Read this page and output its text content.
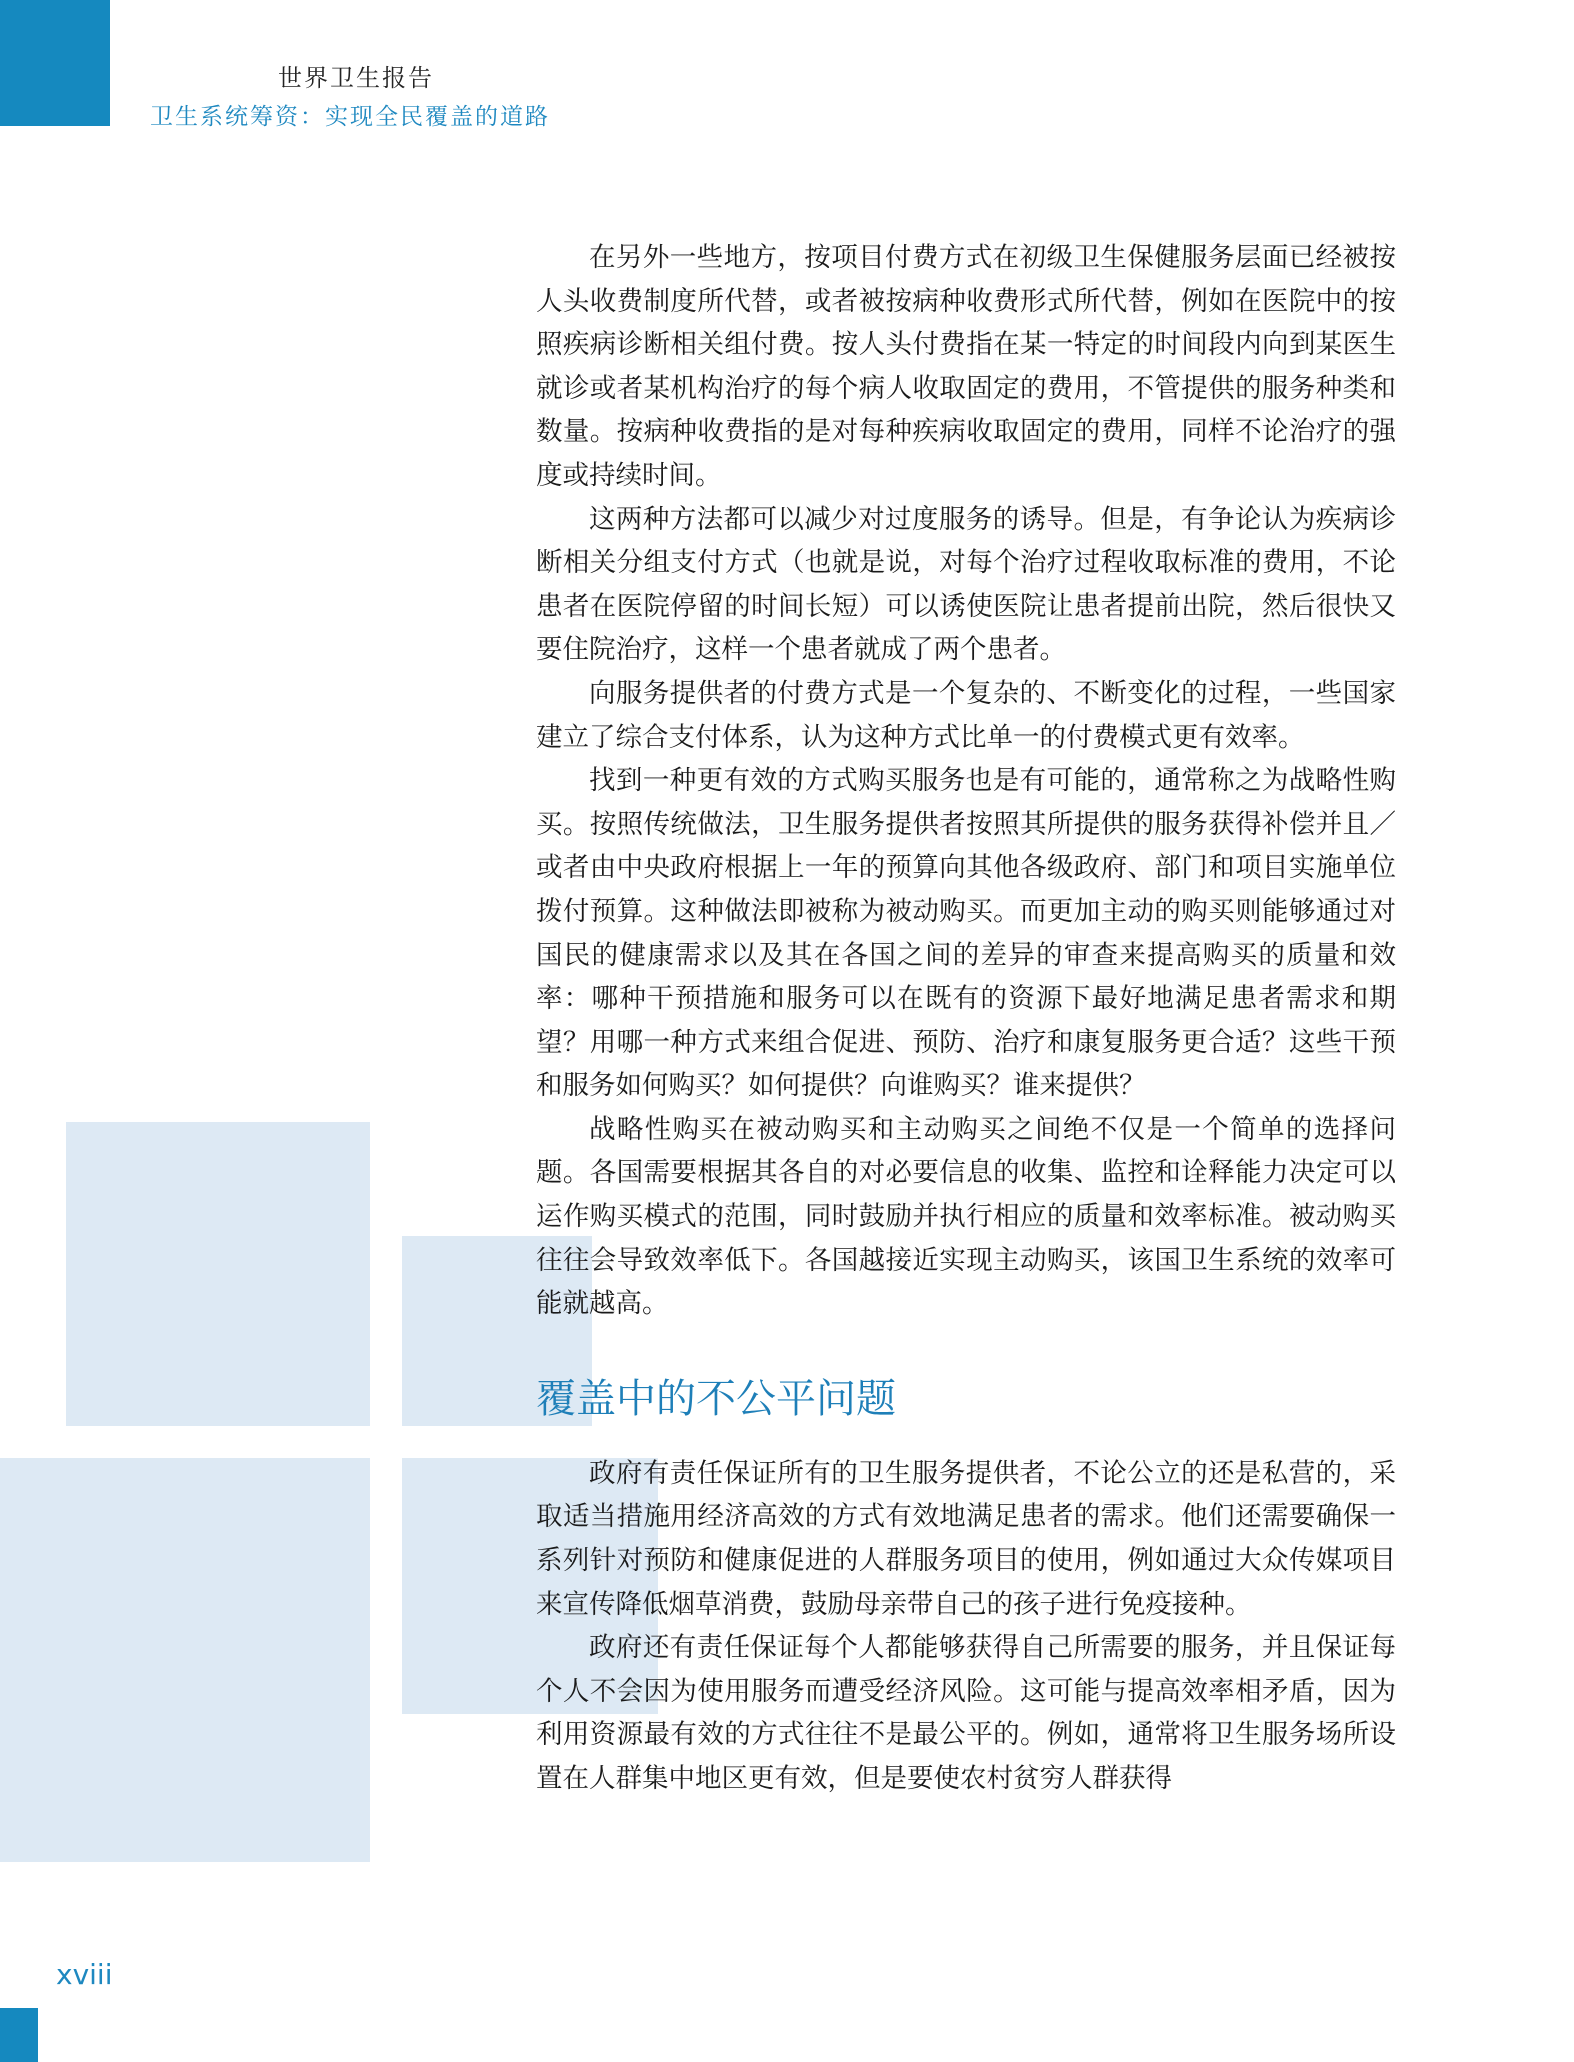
世界卫生报告
卫生系统筹资：实现全民覆盖的道路

在另外一些地方，按项目付费方式在初级卫生保健服务层面已经被按人头收费制度所代替，或者被按病种收费形式所代替，例如在医院中的按照疾病诊断相关组付费。按人头付费指在某一特定的时间段内向到某医生就诊或者某机构治疗的每个病人收取固定的费用，不管提供的服务种类和数量。按病种收费指的是对每种疾病收取固定的费用，同样不论治疗的强度或持续时间。

这两种方法都可以减少对过度服务的诱导。但是，有争论认为疾病诊断相关分组支付方式（也就是说，对每个治疗过程收取标准的费用，不论患者在医院停留的时间长短）可以诱使医院让患者提前出院，然后很快又要住院治疗，这样一个患者就成了两个患者。

向服务提供者的付费方式是一个复杂的、不断变化的过程，一些国家建立了综合支付体系，认为这种方式比单一的付费模式更有效率。

找到一种更有效的方式购买服务也是有可能的，通常称之为战略性购买。按照传统做法，卫生服务提供者按照其所提供的服务获得补偿并且／或者由中央政府根据上一年的预算向其他各级政府、部门和项目实施单位拨付预算。这种做法即被称为被动购买。而更加主动的购买则能够通过对国民的健康需求以及其在各国之间的差异的审查来提高购买的质量和效率：哪种干预措施和服务可以在既有的资源下最好地满足患者需求和期望？用哪一种方式来组合促进、预防、治疗和康复服务更合适？这些干预和服务如何购买？如何提供？向谁购买？谁来提供？

战略性购买在被动购买和主动购买之间绝不仅是一个简单的选择问题。各国需要根据其各自的对必要信息的收集、监控和诠释能力决定可以运作购买模式的范围，同时鼓励并执行相应的质量和效率标准。被动购买往往会导致效率低下。各国越接近实现主动购买，该国卫生系统的效率可能就越高。

覆盖中的不公平问题

政府有责任保证所有的卫生服务提供者，不论公立的还是私营的，采取适当措施用经济高效的方式有效地满足患者的需求。他们还需要确保一系列针对预防和健康促进的人群服务项目的使用，例如通过大众传媒项目来宣传降低烟草消费，鼓励母亲带自己的孩子进行免疫接种。

政府还有责任保证每个人都能够获得自己所需要的服务，并且保证每个人不会因为使用服务而遭受经济风险。这可能与提高效率相矛盾，因为利用资源最有效的方式往往不是最公平的。例如，通常将卫生服务场所设置在人群集中地区更有效，但是要使农村贫穷人群获得

xviii
